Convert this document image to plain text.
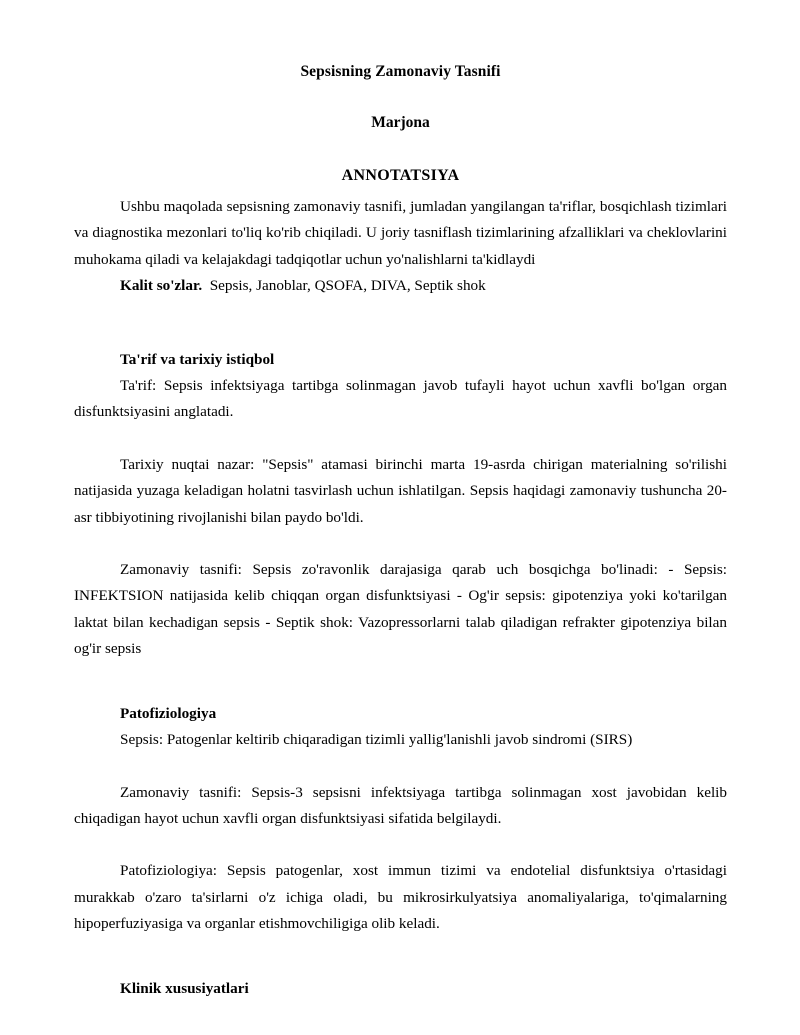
Sepsisning Zamonaviy Tasnifi
Marjona
ANNOTATSIYA

Ushbu maqolada sepsisning zamonaviy tasnifi, jumladan yangilangan ta'riflar, bosqichlash tizimlari va diagnostika mezonlari to'liq ko'rib chiqiladi. U joriy tasniflash tizimlarining afzalliklari va cheklovlarini muhokama qiladi va kelajakdagi tadqiqotlar uchun yo'nalishlarni ta'kidlaydi

Kalit so'zlar. Sepsis, Janoblar, QSOFA, DIVA, Septik shok
Ta'rif va tarixiy istiqbol

Ta'rif: Sepsis infektsiyaga tartibga solinmagan javob tufayli hayot uchun xavfli bo'lgan organ disfunktsiyasini anglatadi.

Tarixiy nuqtai nazar: "Sepsis" atamasi birinchi marta 19-asrda chirigan materialning so'rilishi natijasida yuzaga keladigan holatni tasvirlash uchun ishlatilgan. Sepsis haqidagi zamonaviy tushuncha 20-asr tibbiyotining rivojlanishi bilan paydo bo'ldi.

Zamonaviy tasnifi: Sepsis zo'ravonlik darajasiga qarab uch bosqichga bo'linadi: - Sepsis: INFEKTSION natijasida kelib chiqqan organ disfunktsiyasi - Og'ir sepsis: gipotenziya yoki ko'tarilgan laktat bilan kechadigan sepsis - Septik shok: Vazopressorlarni talab qiladigan refrakter gipotenziya bilan og'ir sepsis

Patofiziologiya

Sepsis: Patogenlar keltirib chiqaradigan tizimli yallig'lanishli javob sindromi (SIRS)

Zamonaviy tasnifi: Sepsis-3 sepsisni infektsiyaga tartibga solinmagan xost javobidan kelib chiqadigan hayot uchun xavfli organ disfunktsiyasi sifatida belgilaydi.

Patofiziologiya: Sepsis patogenlar, xost immun tizimi va endotelial disfunktsiya o'rtasidagi murakkab o'zaro ta'sirlarni o'z ichiga oladi, bu mikrosirkulyatsiya anomaliyalariga, to'qimalarning hipoperfuziyasiga va organlar etishmovchiligiga olib keladi.

Klinik xususiyatlari
